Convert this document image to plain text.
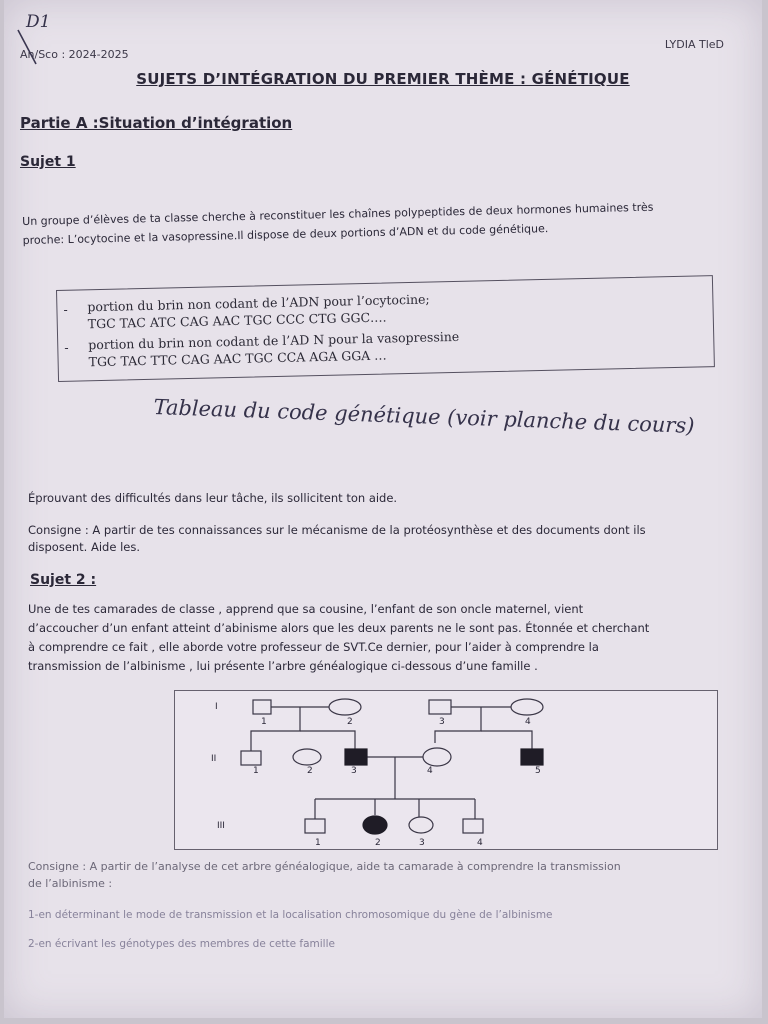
D1
An/Sco : 2024-2025
LYDIA TleD
SUJETS D’INTÉGRATION DU PREMIER THÈME : GÉNÉTIQUE
Partie A :Situation d’intégration
Sujet 1
Un groupe d’élèves de ta classe cherche à reconstituer les chaînes polypeptides de deux hormones humaines très
proche: L’ocytocine et la vasopressine.Il dispose de deux portions d’ADN et du code génétique.
- portion du brin non codant de l’ADN pour l’ocytocine;
TGC TAC ATC CAG AAC TGC CCC CTG GGC….
- portion du brin non codant de l’AD N pour la vasopressine
TGC TAC TTC CAG AAC TGC CCA AGA GGA …
Tableau du code génétique (voir planche du cours)
Éprouvant des difficultés dans leur tâche, ils sollicitent ton aide.
Consigne : A partir de tes connaissances sur le mécanisme de la protéosynthèse et des documents dont ils
disposent. Aide les.
Sujet 2 :
Une de tes camarades de classe , apprend que sa cousine, l’enfant de son oncle maternel, vient
d’accoucher d’un enfant atteint d’abinisme alors que les deux parents ne le sont pas. Étonnée et cherchant
à comprendre ce fait , elle aborde votre professeur de SVT.Ce dernier, pour l’aider à comprendre la
transmission de l’albinisme , lui présente l’arbre généalogique ci-dessous d’une famille .
I
II
III
1	2	3	4
1	2	3	4	5
1	2	3	4
Consigne : A partir de l’analyse de cet arbre généalogique, aide ta camarade à comprendre la transmission
de l’albinisme :
1-en déterminant le mode de transmission et la localisation chromosomique du gène de l’albinisme
2-en écrivant les génotypes des membres de cette famille
